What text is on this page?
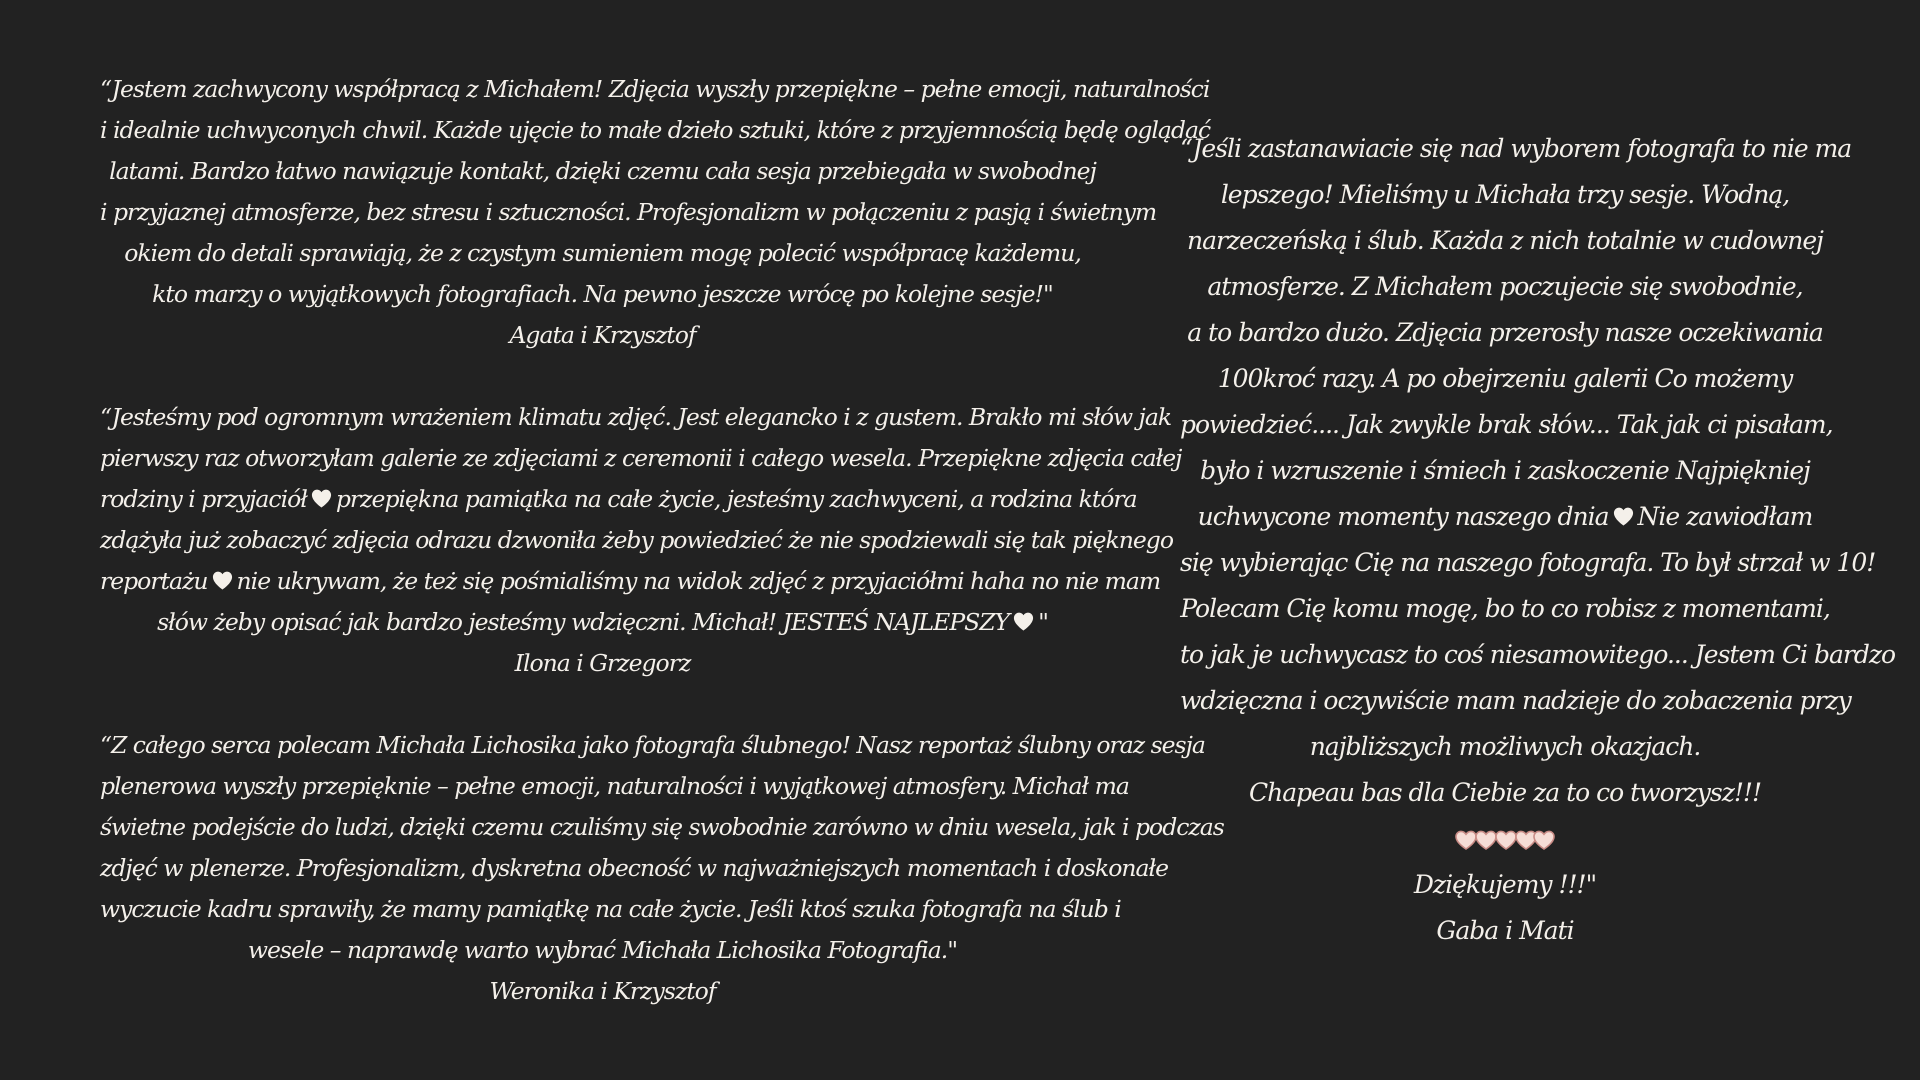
“Jestem zachwycony współpracą z Michałem! Zdjęcia wyszły przepiękne – pełne emocji, naturalności
i idealnie uchwyconych chwil. Każde ujęcie to małe dzieło sztuki, które z przyjemnością będę oglądać
latami. Bardzo łatwo nawiązuje kontakt, dzięki czemu cała sesja przebiegała w swobodnej
i przyjaznej atmosferze, bez stresu i sztuczności. Profesjonalizm w połączeniu z pasją i świetnym
okiem do detali sprawiają, że z czystym sumieniem mogę polecić współpracę każdemu,
kto marzy o wyjątkowych fotografiach. Na pewno jeszcze wrócę po kolejne sesje!"
Agata i Krzysztof
“Jesteśmy pod ogromnym wrażeniem klimatu zdjęć. Jest elegancko i z gustem. Brakło mi słów jak
pierwszy raz otworzyłam galerie ze zdjęciami z ceremonii i całego wesela. Przepiękne zdjęcia całej
rodziny i przyjaciół przepiękna pamiątka na całe życie, jesteśmy zachwyceni, a rodzina która
zdążyła już zobaczyć zdjęcia odrazu dzwoniła żeby powiedzieć że nie spodziewali się tak pięknego
reportażu nie ukrywam, że też się pośmialiśmy na widok zdjęć z przyjaciółmi haha no nie mam
słów żeby opisać jak bardzo jesteśmy wdzięczni. Michał! JESTEŚ NAJLEPSZY "
Ilona i Grzegorz
“Z całego serca polecam Michała Lichosika jako fotografa ślubnego! Nasz reportaż ślubny oraz sesja
plenerowa wyszły przepięknie – pełne emocji, naturalności i wyjątkowej atmosfery. Michał ma
świetne podejście do ludzi, dzięki czemu czuliśmy się swobodnie zarówno w dniu wesela, jak i podczas
zdjęć w plenerze. Profesjonalizm, dyskretna obecność w najważniejszych momentach i doskonałe
wyczucie kadru sprawiły, że mamy pamiątkę na całe życie. Jeśli ktoś szuka fotografa na ślub i
wesele – naprawdę warto wybrać Michała Lichosika Fotografia."
Weronika i Krzysztof
“Jeśli zastanawiacie się nad wyborem fotografa to nie ma
lepszego! Mieliśmy u Michała trzy sesje. Wodną,
narzeczeńską i ślub. Każda z nich totalnie w cudownej
atmosferze. Z Michałem poczujecie się swobodnie,
a to bardzo dużo. Zdjęcia przerosły nasze oczekiwania
100kroć razy. A po obejrzeniu galerii Co możemy
powiedzieć.... Jak zwykle brak słów... Tak jak ci pisałam,
było i wzruszenie i śmiech i zaskoczenie Najpiękniej
uchwycone momenty naszego dnia Nie zawiodłam
się wybierając Cię na naszego fotografa. To był strzał w 10!
Polecam Cię komu mogę, bo to co robisz z momentami,
to jak je uchwycasz to coś niesamowitego... Jestem Ci bardzo
wdzięczna i oczywiście mam nadzieje do zobaczenia przy
najbliższych możliwych okazjach.
Chapeau bas dla Ciebie za to co tworzysz!!!
Dziękujemy !!!"
Gaba i Mati
